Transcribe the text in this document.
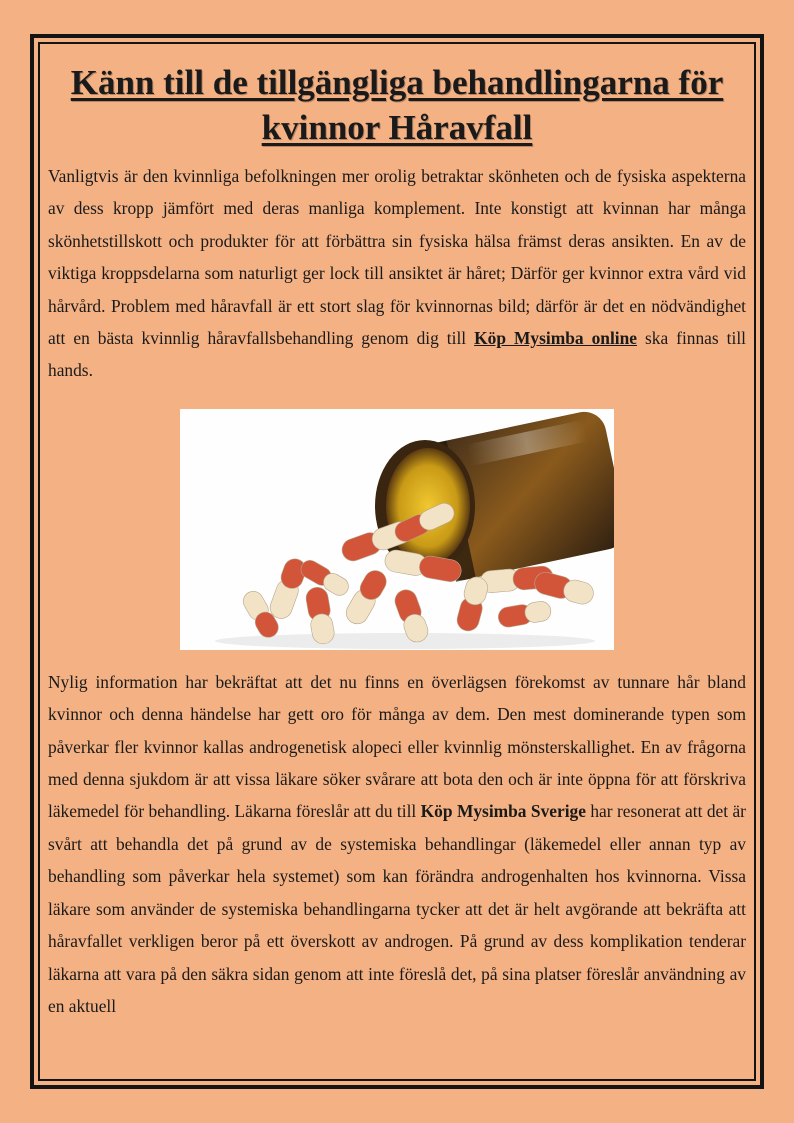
Känn till de tillgängliga behandlingarna för kvinnor Håravfall

Vanligtvis är den kvinnliga befolkningen mer orolig betraktar skönheten och de fysiska aspekterna av dess kropp jämfört med deras manliga komplement. Inte konstigt att kvinnan har många skönhetstillskott och produkter för att förbättra sin fysiska hälsa främst deras ansikten. En av de viktiga kroppsdelarna som naturligt ger lock till ansiktet är håret; Därför ger kvinnor extra vård vid hårvård. Problem med håravfall är ett stort slag för kvinnornas bild; därför är det en nödvändighet att en bästa kvinnlig håravfallsbehandling genom dig till Köp Mysimba online ska finnas till hands.

Nylig information har bekräftat att det nu finns en överlägsen förekomst av tunnare hår bland kvinnor och denna händelse har gett oro för många av dem. Den mest dominerande typen som påverkar fler kvinnor kallas androgenetisk alopeci eller kvinnlig mönsterskallighet. En av frågorna med denna sjukdom är att vissa läkare söker svårare att bota den och är inte öppna för att förskriva läkemedel för behandling. Läkarna föreslår att du till Köp Mysimba Sverige har resonerat att det är svårt att behandla det på grund av de systemiska behandlingar (läkemedel eller annan typ av behandling som påverkar hela systemet) som kan förändra androgenhalten hos kvinnorna. Vissa läkare som använder de systemiska behandlingarna tycker att det är helt avgörande att bekräfta att håravfallet verkligen beror på ett överskott av androgen. På grund av dess komplikation tenderar läkarna att vara på den säkra sidan genom att inte föreslå det, på sina platser föreslår användning av en aktuell
